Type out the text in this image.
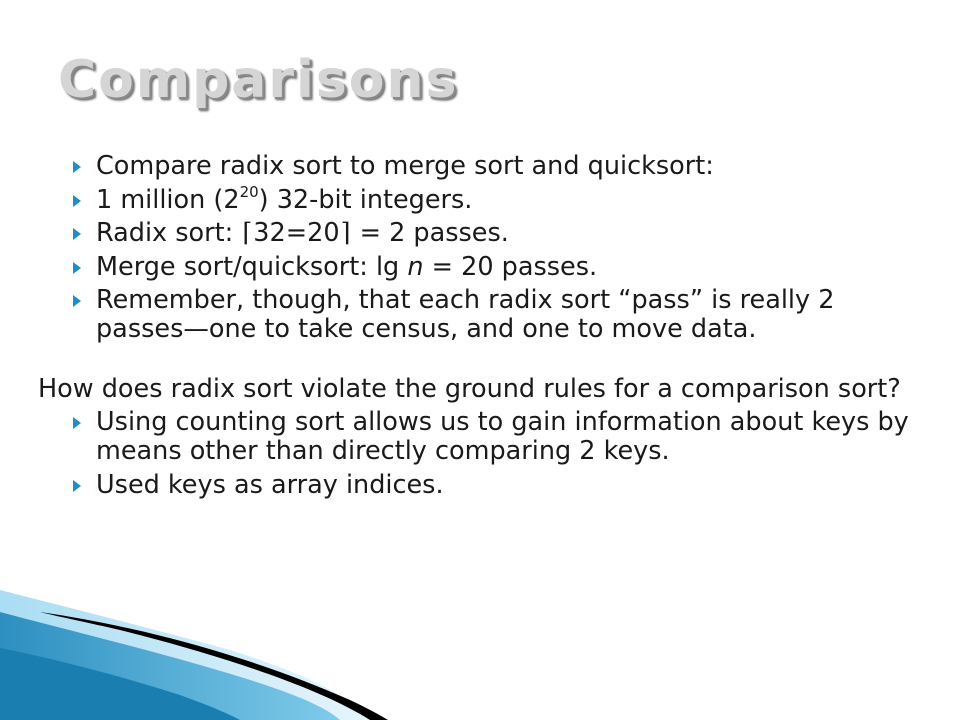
Comparisons
Compare radix sort to merge sort and quicksort:
1 million $(2^{20})$ 32-bit integers.
Radix sort: ⌈32=20⌉ = 2 passes.
Merge sort/quicksort: lg n = 20 passes.
Remember, though, that each radix sort “pass” is really 2 passes—one to take census, and one to move data.
How does radix sort violate the ground rules for a comparison sort?
Using counting sort allows us to gain information about keys by means other than directly comparing 2 keys.
Used keys as array indices.
